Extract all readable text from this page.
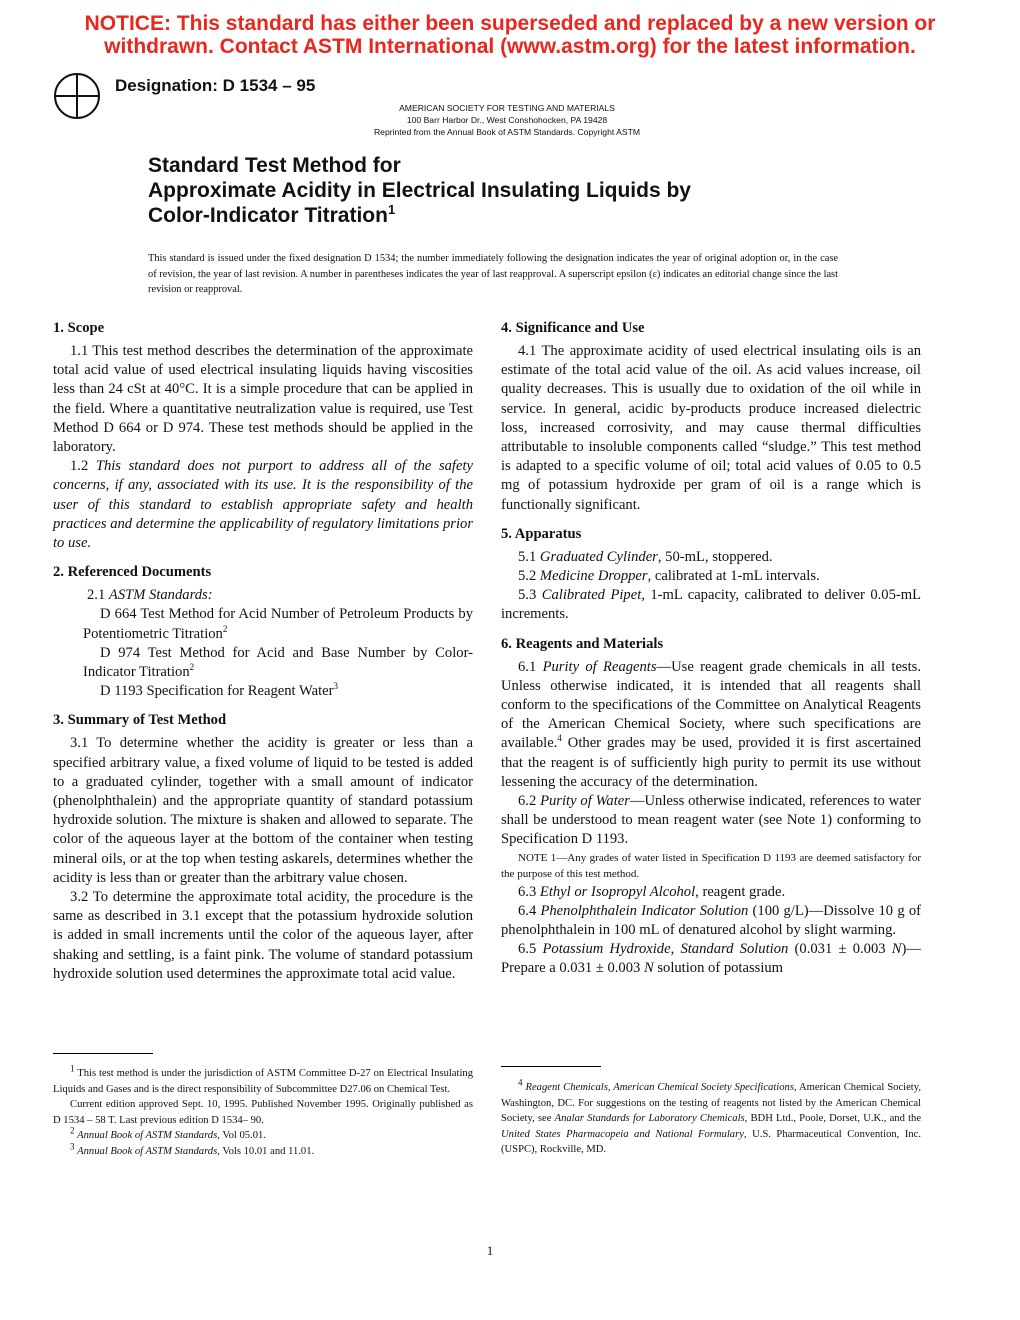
NOTICE: This standard has either been superseded and replaced by a new version or
withdrawn. Contact ASTM International (www.astm.org) for the latest information.
Designation: D 1534 – 95
AMERICAN SOCIETY FOR TESTING AND MATERIALS
100 Barr Harbor Dr., West Conshohocken, PA 19428
Reprinted from the Annual Book of ASTM Standards. Copyright ASTM
Standard Test Method for
Approximate Acidity in Electrical Insulating Liquids by
Color-Indicator Titration$^1$
This standard is issued under the fixed designation D 1534; the number immediately following the designation indicates the year of original adoption or, in the case of revision, the year of last revision. A number in parentheses indicates the year of last reapproval. A superscript epsilon (ε) indicates an editorial change since the last revision or reapproval.
1. Scope

1.1 This test method describes the determination of the approximate total acid value of used electrical insulating liquids having viscosities less than 24 cSt at 40°C. It is a simple procedure that can be applied in the field. Where a quantitative neutralization value is required, use Test Method D 664 or D 974. These test methods should be applied in the laboratory.

1.2 This standard does not purport to address all of the safety concerns, if any, associated with its use. It is the responsibility of the user of this standard to establish appropriate safety and health practices and determine the applicability of regulatory limitations prior to use.

2. Referenced Documents

2.1 ASTM Standards:

D 664 Test Method for Acid Number of Petroleum Products by Potentiometric Titration$^2$

D 974 Test Method for Acid and Base Number by Color-Indicator Titration$^2$

D 1193 Specification for Reagent Water$^3$

3. Summary of Test Method

3.1 To determine whether the acidity is greater or less than a specified arbitrary value, a fixed volume of liquid to be tested is added to a graduated cylinder, together with a small amount of indicator (phenolphthalein) and the appropriate quantity of standard potassium hydroxide solution. The mixture is shaken and allowed to separate. The color of the aqueous layer at the bottom of the container when testing mineral oils, or at the top when testing askarels, determines whether the acidity is less than or greater than the arbitrary value chosen.

3.2 To determine the approximate total acidity, the procedure is the same as described in 3.1 except that the potassium hydroxide solution is added in small increments until the color of the aqueous layer, after shaking and settling, is a faint pink. The volume of standard potassium hydroxide solution used determines the approximate total acid value.

4. Significance and Use

4.1 The approximate acidity of used electrical insulating oils is an estimate of the total acid value of the oil. As acid values increase, oil quality decreases. This is usually due to oxidation of the oil while in service. In general, acidic by-products produce increased dielectric loss, increased corrosivity, and may cause thermal difficulties attributable to insoluble components called “sludge.” This test method is adapted to a specific volume of oil; total acid values of 0.05 to 0.5 mg of potassium hydroxide per gram of oil is a range which is functionally significant.

5. Apparatus

5.1 Graduated Cylinder, 50-mL, stoppered.

5.2 Medicine Dropper, calibrated at 1-mL intervals.

5.3 Calibrated Pipet, 1-mL capacity, calibrated to deliver 0.05-mL increments.

6. Reagents and Materials

6.1 Purity of Reagents—Use reagent grade chemicals in all tests. Unless otherwise indicated, it is intended that all reagents shall conform to the specifications of the Committee on Analytical Reagents of the American Chemical Society, where such specifications are available.$^4$ Other grades may be used, provided it is first ascertained that the reagent is of sufficiently high purity to permit its use without lessening the accuracy of the determination.

6.2 Purity of Water—Unless otherwise indicated, references to water shall be understood to mean reagent water (see Note 1) conforming to Specification D 1193.

NOTE 1—Any grades of water listed in Specification D 1193 are deemed satisfactory for the purpose of this test method.

6.3 Ethyl or Isopropyl Alcohol, reagent grade.

6.4 Phenolphthalein Indicator Solution (100 g/L)—Dissolve 10 g of phenolphthalein in 100 mL of denatured alcohol by slight warming.

6.5 Potassium Hydroxide, Standard Solution (0.031 ± 0.003 N)—Prepare a 0.031 ± 0.003 N solution of potassium

$^1$ This test method is under the jurisdiction of ASTM Committee D-27 on Electrical Insulating Liquids and Gases and is the direct responsibility of Subcommittee D27.06 on Chemical Test.

Current edition approved Sept. 10, 1995. Published November 1995. Originally published as D 1534 – 58 T. Last previous edition D 1534– 90.

$^2$ Annual Book of ASTM Standards, Vol 05.01.

$^3$ Annual Book of ASTM Standards, Vols 10.01 and 11.01.

$^4$ Reagent Chemicals, American Chemical Society Specifications, American Chemical Society, Washington, DC. For suggestions on the testing of reagents not listed by the American Chemical Society, see Analar Standards for Laboratory Chemicals, BDH Ltd., Poole, Dorset, U.K., and the United States Pharmacopeia and National Formulary, U.S. Pharmaceutical Convention, Inc. (USPC), Rockville, MD.

1
